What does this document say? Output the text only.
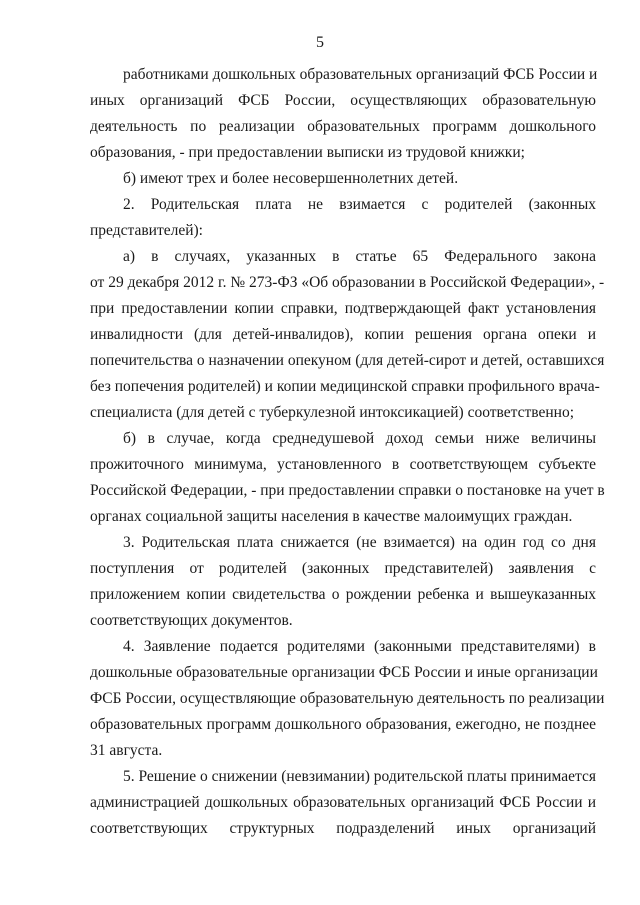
5
работниками дошкольных образовательных организаций ФСБ России и
иных организаций ФСБ России, осуществляющих образовательную
деятельность по реализации образовательных программ дошкольного
образования, - при предоставлении выписки из трудовой книжки;
б) имеют трех и более несовершеннолетних детей.
2. Родительская плата не взимается с родителей (законных
представителей):
а) в случаях, указанных в статье 65 Федерального закона
от 29 декабря 2012 г. № 273-ФЗ «Об образовании в Российской Федерации», -
при предоставлении копии справки, подтверждающей факт установления
инвалидности (для детей-инвалидов), копии решения органа опеки и
попечительства о назначении опекуном (для детей-сирот и детей, оставшихся
без попечения родителей) и копии медицинской справки профильного врача-
специалиста (для детей с туберкулезной интоксикацией) соответственно;
б) в случае, когда среднедушевой доход семьи ниже величины
прожиточного минимума, установленного в соответствующем субъекте
Российской Федерации, - при предоставлении справки о постановке на учет в
органах социальной защиты населения в качестве малоимущих граждан.
3. Родительская плата снижается (не взимается) на один год со дня
поступления от родителей (законных представителей) заявления с
приложением копии свидетельства о рождении ребенка и вышеуказанных
соответствующих документов.
4. Заявление подается родителями (законными представителями) в
дошкольные образовательные организации ФСБ России и иные организации
ФСБ России, осуществляющие образовательную деятельность по реализации
образовательных программ дошкольного образования, ежегодно, не позднее
31 августа.
5. Решение о снижении (невзимании) родительской платы принимается
администрацией дошкольных образовательных организаций ФСБ России и
соответствующих структурных подразделений иных организаций
